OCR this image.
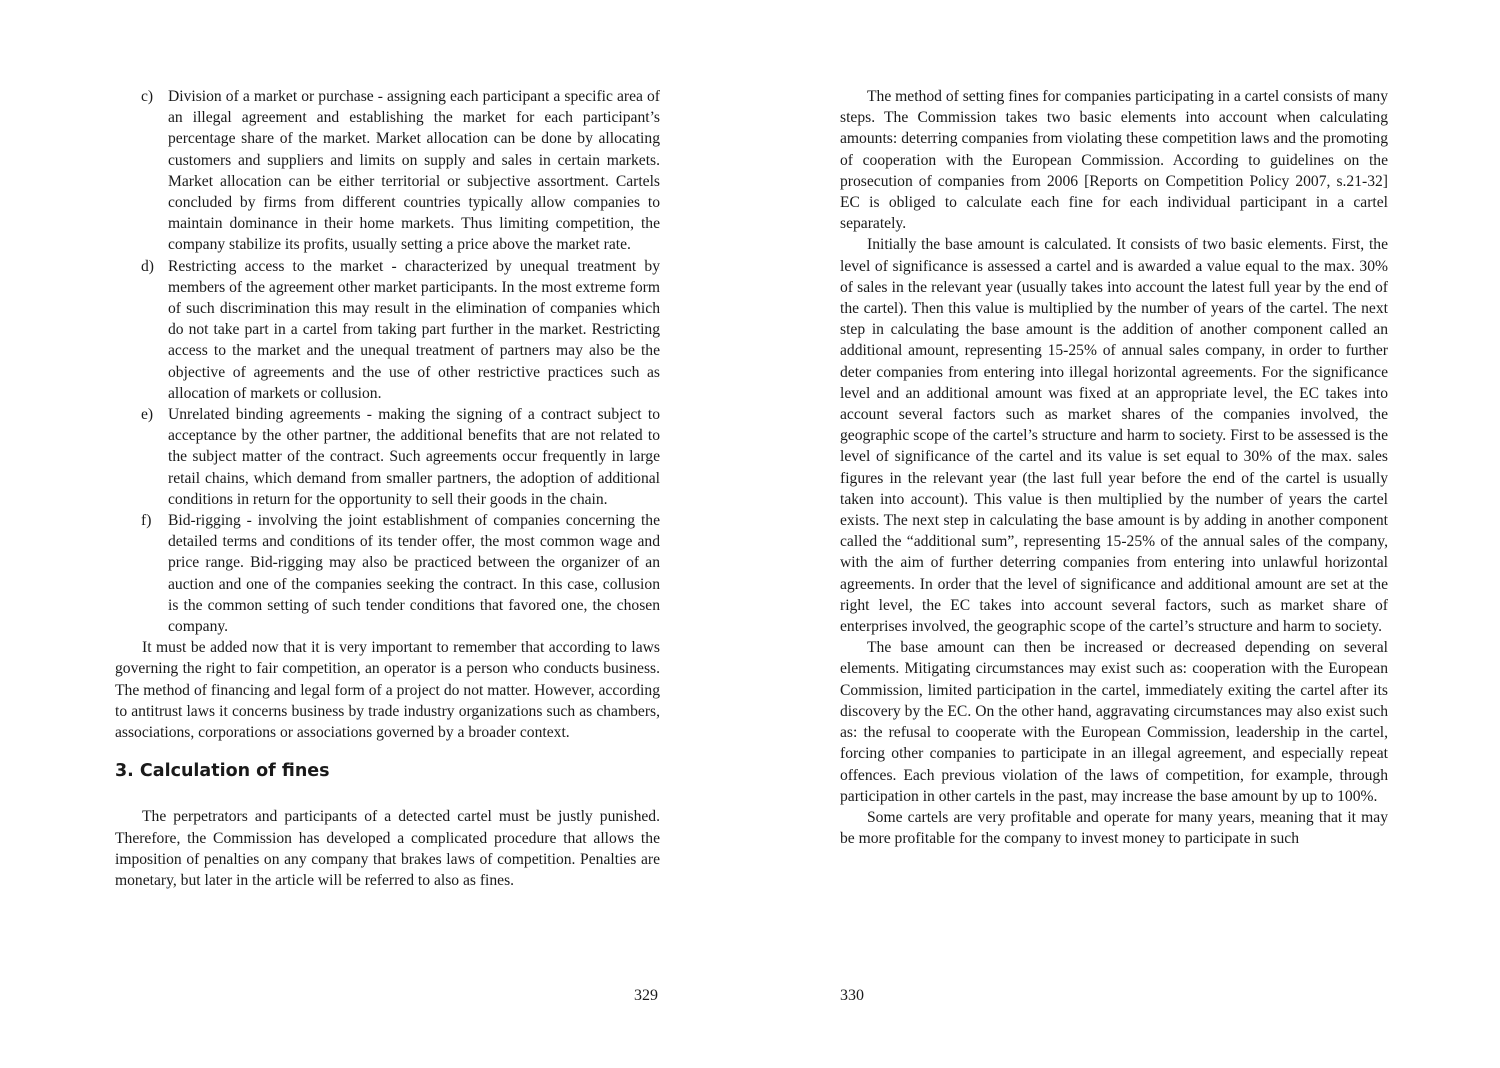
c) Division of a market or purchase - assigning each participant a specific area of an illegal agreement and establishing the market for each participant’s percentage share of the market. Market allocation can be done by allocating customers and suppliers and limits on supply and sales in certain markets. Market allocation can be either territorial or subjective assortment. Cartels concluded by firms from different countries typically allow companies to maintain dominance in their home markets. Thus limiting competition, the company stabilize its profits, usually setting a price above the market rate.
d) Restricting access to the market - characterized by unequal treatment by members of the agreement other market participants. In the most extreme form of such discrimination this may result in the elimination of companies which do not take part in a cartel from taking part further in the market. Restricting access to the market and the unequal treatment of partners may also be the objective of agreements and the use of other restrictive practices such as allocation of markets or collusion.
e) Unrelated binding agreements - making the signing of a contract subject to acceptance by the other partner, the additional benefits that are not related to the subject matter of the contract. Such agreements occur frequently in large retail chains, which demand from smaller partners, the adoption of additional conditions in return for the opportunity to sell their goods in the chain.
f)	Bid-rigging - involving the joint establishment of companies concerning the detailed terms and conditions of its tender offer, the most common wage and price range. Bid-rigging may also be practiced between the organizer of an auction and one of the companies seeking the contract. In this case, collusion is the common setting of such tender conditions that favored one, the chosen company.

It must be added now that it is very important to remember that according to laws governing the right to fair competition, an operator is a person who conducts business. The method of financing and legal form of a project do not matter. However, according to antitrust laws it concerns business by trade industry organizations such as chambers, associations, corporations or associations governed by a broader context.

3. Calculation of fines

The perpetrators and participants of a detected cartel must be justly punished. Therefore, the Commission has developed a complicated procedure that allows the imposition of penalties on any company that brakes laws of competition. Penalties are monetary, but later in the article will be referred to also as fines.

329

The method of setting fines for companies participating in a cartel consists of many steps. The Commission takes two basic elements into account when calculating amounts: deterring companies from violating these competition laws and the promoting of cooperation with the European Commission. According to guidelines on the prosecution of companies from 2006 [Reports on Competition Policy 2007, s.21-32] EC is obliged to calculate each fine for each individual participant in a cartel separately.

Initially the base amount is calculated. It consists of two basic elements. First, the level of significance is assessed a cartel and is awarded a value equal to the max. 30% of sales in the relevant year (usually takes into account the latest full year by the end of the cartel). Then this value is multiplied by the number of years of the cartel. The next step in calculating the base amount is the addition of another component called an additional amount, representing 15-25% of annual sales company, in order to further deter companies from entering into illegal horizontal agreements. For the significance level and an additional amount was fixed at an appropriate level, the EC takes into account several factors such as market shares of the companies involved, the geographic scope of the cartel’s structure and harm to society. First to be assessed is the level of significance of the cartel and its value is set equal to 30% of the max. sales figures in the relevant year (the last full year before the end of the cartel is usually taken into account). This value is then multiplied by the number of years the cartel exists. The next step in calculating the base amount is by adding in another component called the “additional sum”, representing 15-25% of the annual sales of the company, with the aim of further deterring companies from entering into unlawful horizontal agreements. In order that the level of significance and additional amount are set at the right level, the EC takes into account several factors, such as market share of enterprises involved, the geographic scope of the cartel’s structure and harm to society.

The base amount can then be increased or decreased depending on several elements. Mitigating circumstances may exist such as: cooperation with the European Commission, limited participation in the cartel, immediately exiting the cartel after its discovery by the EC. On the other hand, aggravating circumstances may also exist such as: the refusal to cooperate with the European Commission, leadership in the cartel, forcing other companies to participate in an illegal agreement, and especially repeat offences. Each previous violation of the laws of competition, for example, through participation in other cartels in the past, may increase the base amount by up to 100%.

Some cartels are very profitable and operate for many years, meaning that it may be more profitable for the company to invest money to participate in such

330
